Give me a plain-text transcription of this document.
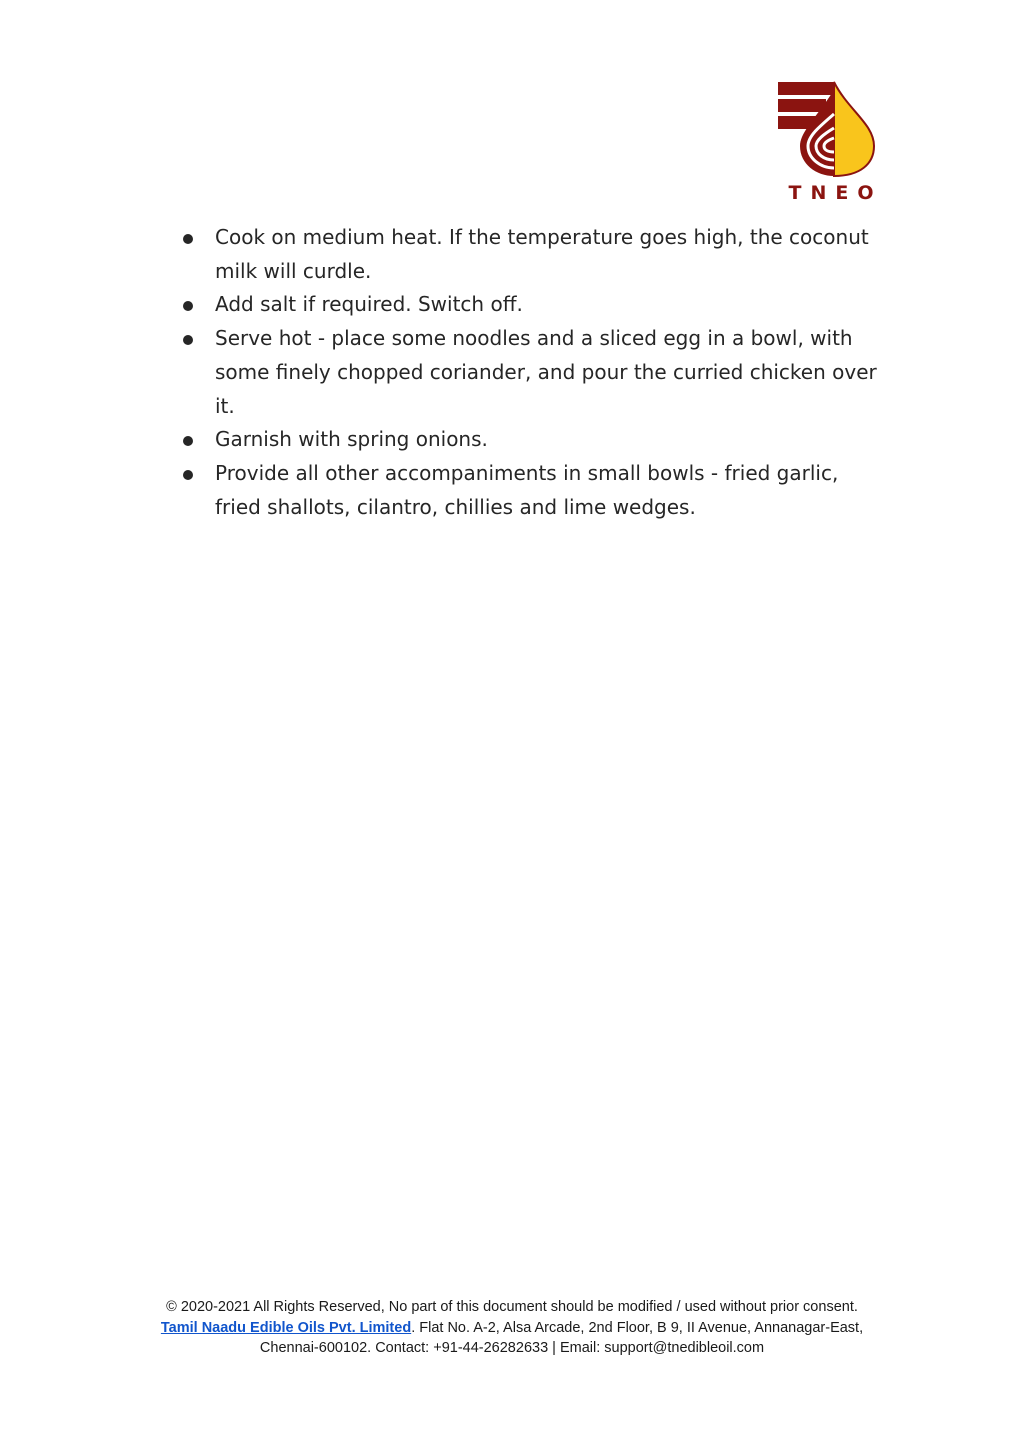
TNEO
Cook on medium heat. If the temperature goes high, the coconut milk will curdle.
Add salt if required. Switch off.
Serve hot - place some noodles and a sliced egg in a bowl, with some finely chopped coriander, and pour the curried chicken over it.
Garnish with spring onions.
Provide all other accompaniments in small bowls - fried garlic, fried shallots, cilantro, chillies and lime wedges.
© 2020-2021 All Rights Reserved, No part of this document should be modified / used without prior consent.
Tamil Naadu Edible Oils Pvt. Limited. Flat No. A-2, Alsa Arcade, 2nd Floor, B 9, II Avenue, Annanagar-East,
Chennai-600102. Contact: +91-44-26282633 | Email: support@tnedibleoil.com
